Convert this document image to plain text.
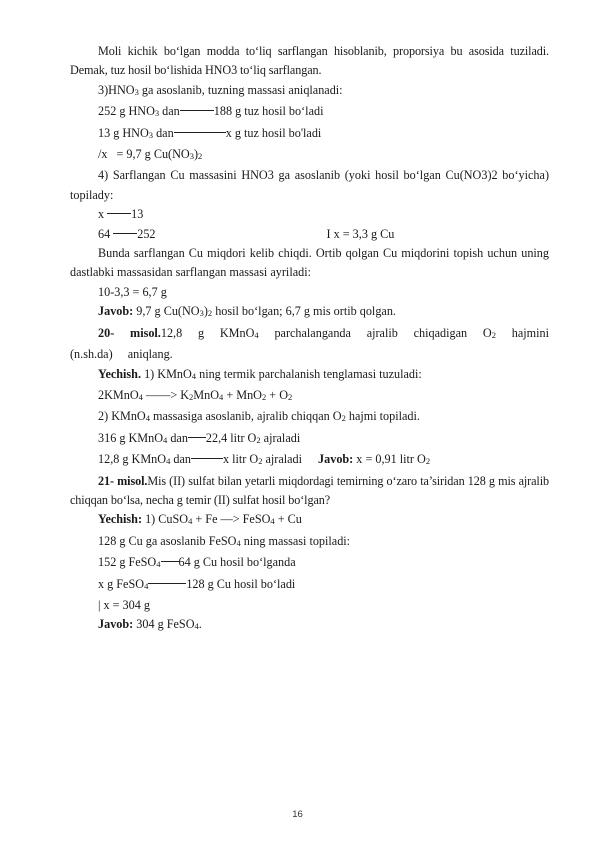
Moli kichik bo‘lgan modda to‘liq sarflangan hisoblanib, proporsiya bu asosida tuziladi. Demak, tuz hosil bo‘lishida HNO3 to‘liq sarflangan.
3)HNO3 ga asoslanib, tuzning massasi aniqlanadi:
252 g HNO3 dan	188 g tuz hosil bo‘ladi
13 g HNO3 dan	x g tuz hosil bo'ladi
/x = 9,7 g Cu(NO3)2
4) Sarflangan Cu massasini HNO3 ga asoslanib (yoki hosil bo‘lgan Cu(NO3)2 bo‘yicha) topilady:
x 13
64 252	I x = 3,3 g Cu
Bunda sarflangan Cu miqdori kelib chiqdi. Ortib qolgan Cu miqdorini topish uchun uning dastlabki massasidan sarflangan massasi ayriladi:
10-3,3 = 6,7 g
Javob: 9,7 g Cu(NO3)2 hosil bo‘lgan; 6,7 g mis ortib qolgan.
20- misol.12,8 g KMnO4 parchalanganda ajralib chiqadigan O2 hajmini (n.sh.da) aniqlang.
Yechish. 1) KMnO4 ning termik parchalanish tenglamasi tuzuladi:
2KMnO4 ——> K2MnO4 + MnO2 + O2
2) KMnO4 massasiga asoslanib, ajralib chiqqan O2 hajmi topiladi.
316 g KMnO4 dan 22,4 litr O2 ajraladi
12,8 g KMnO4 dan	x litr O2 ajraladi Javob: x = 0,91 litr O2
21- misol.Mis (II) sulfat bilan yetarli miqdordagi temirning o‘zaro ta’siridan 128 g mis ajralib chiqqan bo‘lsa, necha g temir (II) sulfat hosil bo‘lgan?
Yechish: 1) CuSO4 + Fe —> FeSO4 + Cu
128 g Cu ga asoslanib FeSO4 ning massasi topiladi:
152 g FeSO4 64 g Cu hosil bo‘lganda
x g FeSO4	128 g Cu hosil bo‘ladi
| x = 304 g
Javob: 304 g FeSO4.
16
